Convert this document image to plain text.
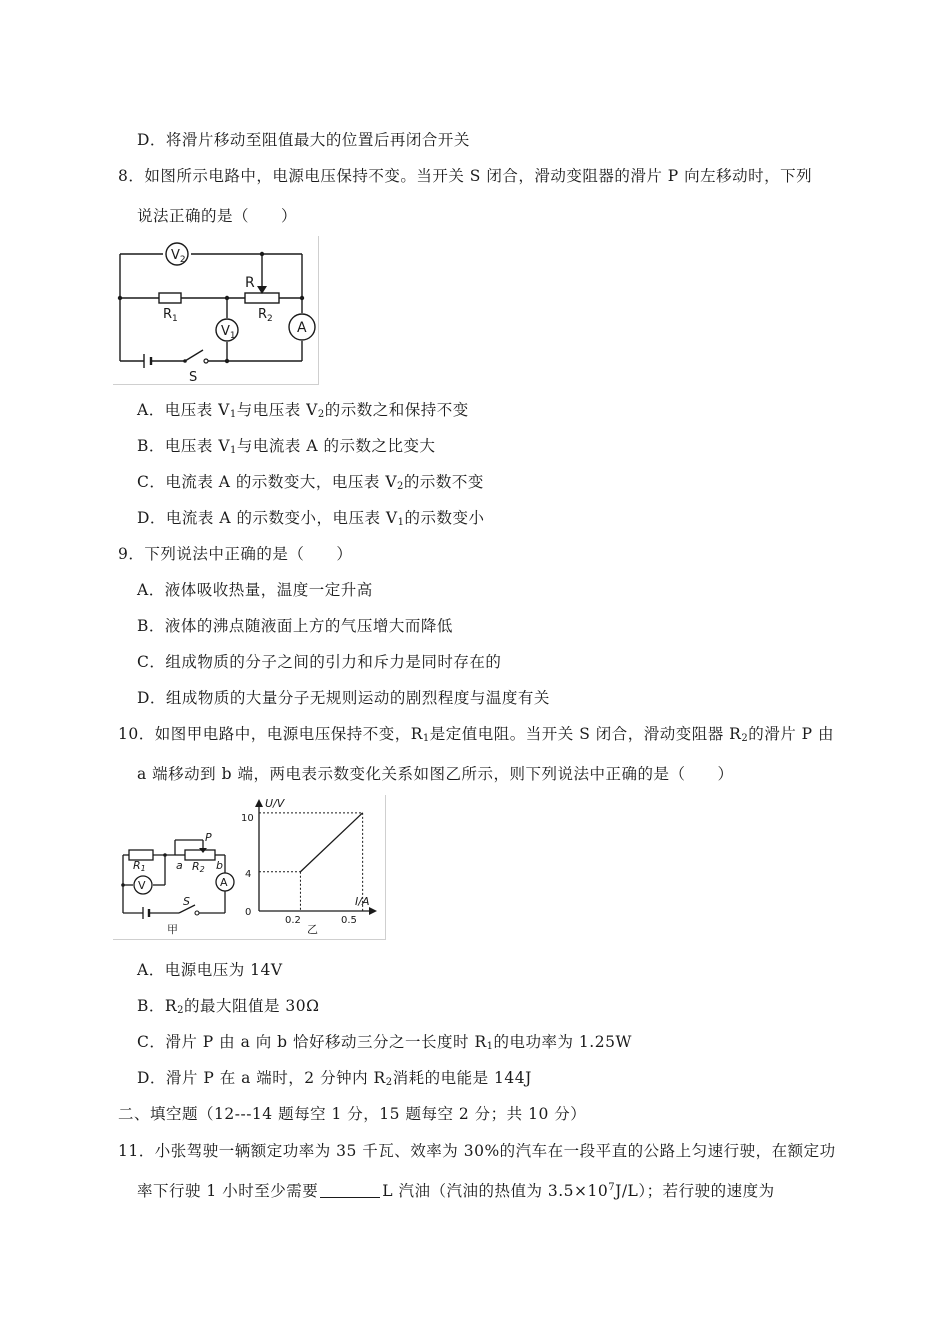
D．将滑片移动至阻值最大的位置后再闭合开关
8．如图所示电路中，电源电压保持不变。当开关 S 闭合，滑动变阻器的滑片 P 向左移动时，下列
说法正确的是（　　）
$V_2$
R
$R_1$	$R_2$
$V_1$	A
S
A．电压表 $V_1$与电压表 $V_2$的示数之和保持不变
B．电压表 $V_1$与电流表 A 的示数之比变大
C．电流表 A 的示数变大，电压表 $V_2$的示数不变
D．电流表 A 的示数变小，电压表 $V_1$的示数变小
9．下列说法中正确的是（　　）
A．液体吸收热量，温度一定升高
B．液体的沸点随液面上方的气压增大而降低
C．组成物质的分子之间的引力和斥力是同时存在的
D．组成物质的大量分子无规则运动的剧烈程度与温度有关
10．如图甲电路中，电源电压保持不变，$R_1$是定值电阻。当开关 S 闭合，滑动变阻器 $R_2$的滑片 P 由
a 端移动到 b 端，两电表示数变化关系如图乙所示，则下列说法中正确的是（　　）
R1
P
a R2 b
V	A
S
甲
U/V
I/A
10
4
0
0.2	0.5
乙
A．电源电压为 14V
B．$R_2$的最大阻值是 30Ω
C．滑片 P 由 a 向 b 恰好移动三分之一长度时 $R_1$的电功率为 1.25W
D．滑片 P 在 a 端时，2 分钟内 $R_2$消耗的电能是 144J
二、填空题（12---14 题每空 1 分，15 题每空 2 分；共 10 分）
11．小张驾驶一辆额定功率为 35 千瓦、效率为 30%的汽车在一段平直的公路上匀速行驶，在额定功
率下行驶 1 小时至少需要	L 汽油（汽油的热值为 $3.5\times 10^7J/L$）；若行驶的速度为
